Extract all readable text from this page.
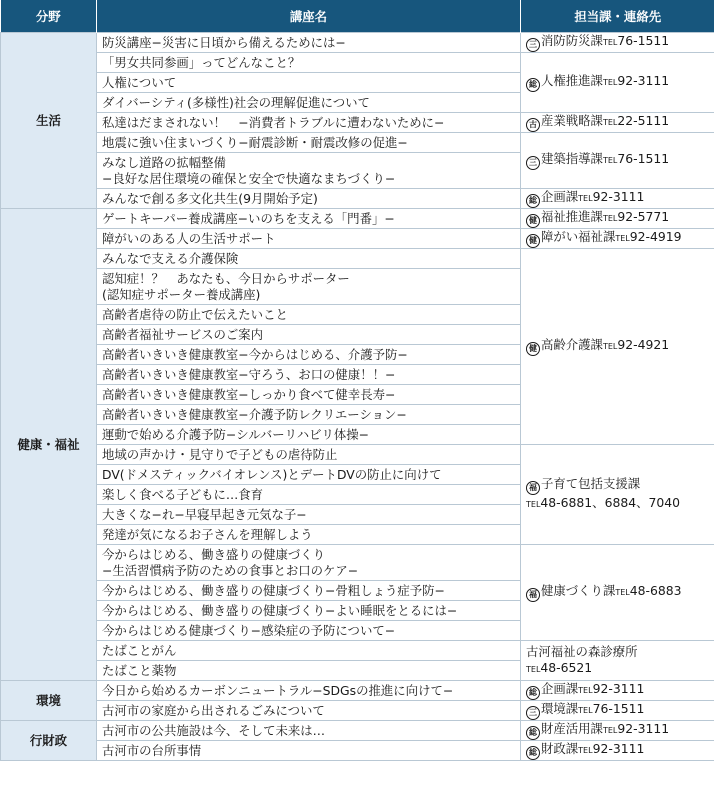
分野	講座名	担当課・連絡先
生活	防災講座−災害に日頃から備えるためには−	三 消防防災課TEL76-1511
	「男女共同参画」ってどんなこと？	総 人権推進課TEL92-3111
	人権について	
	ダイバーシティ(多様性)社会の理解促進について	
	私達はだまされない！　−消費者トラブルに遭わないために−	古 産業戦略課TEL22-5111
	地震に強い住まいづくり−耐震診断・耐震改修の促進−	三 建築指導課TEL76-1511

	みなし道路の拡幅整備
−良好な居住環境の確保と安全で快適なまちづくり−	

	みんなで創る多文化共生(9月開始予定)	総 企画課TEL92-3111
健康・福祉	ゲートキーパー養成講座−いのちを支える「門番」−	健 福祉推進課TEL92-5771
	障がいのある人の生活サポート	健 障がい福祉課TEL92-4919
	みんなで支える介護保険	健 高齢介護課TEL92-4921

	認知症！？　あなたも、今日からサポーター
(認知症サポーター養成講座)	

	高齢者虐待の防止で伝えたいこと	
	高齢者福祉サービスのご案内	
	高齢者いきいき健康教室−今からはじめる、介護予防−	
	高齢者いきいき健康教室−守ろう、お口の健康！！−	
	高齢者いきいき健康教室−しっかり食べて健幸長寿−	
	高齢者いきいき健康教室−介護予防レクリエーション−	
	運動で始める介護予防−シルバーリハビリ体操−	
	地域の声かけ・見守りで子どもの虐待防止	福 子育て包括支援課
TEL48-6881、6884、7040

	DV(ドメスティックバイオレンス)とデートDVの防止に向けて	
	楽しく食べる子どもに…食育	
	大きくな−れ−早寝早起き元気な子−	
	発達が気になるお子さんを理解しよう	

	今からはじめる、働き盛りの健康づくり
−生活習慣病予防のための食事とお口のケア−	福 健康づくり課TEL48-6883
	今からはじめる、働き盛りの健康づくり−骨粗しょう症予防−	
	今からはじめる、働き盛りの健康づくり−よい睡眠をとるには−	
	今からはじめる健康づくり−感染症の予防について−	
	たばことがん	古河福祉の森診療所
TEL48-6521

	たばこと薬物	
環境	今日から始めるカーボンニュートラル−SDGsの推進に向けて−	総 企画課TEL92-3111
	古河市の家庭から出されるごみについて	三 環境課TEL76-1511
行財政	古河市の公共施設は今、そして未来は…	総 財産活用課TEL92-3111
	古河市の台所事情	総 財政課TEL92-3111
